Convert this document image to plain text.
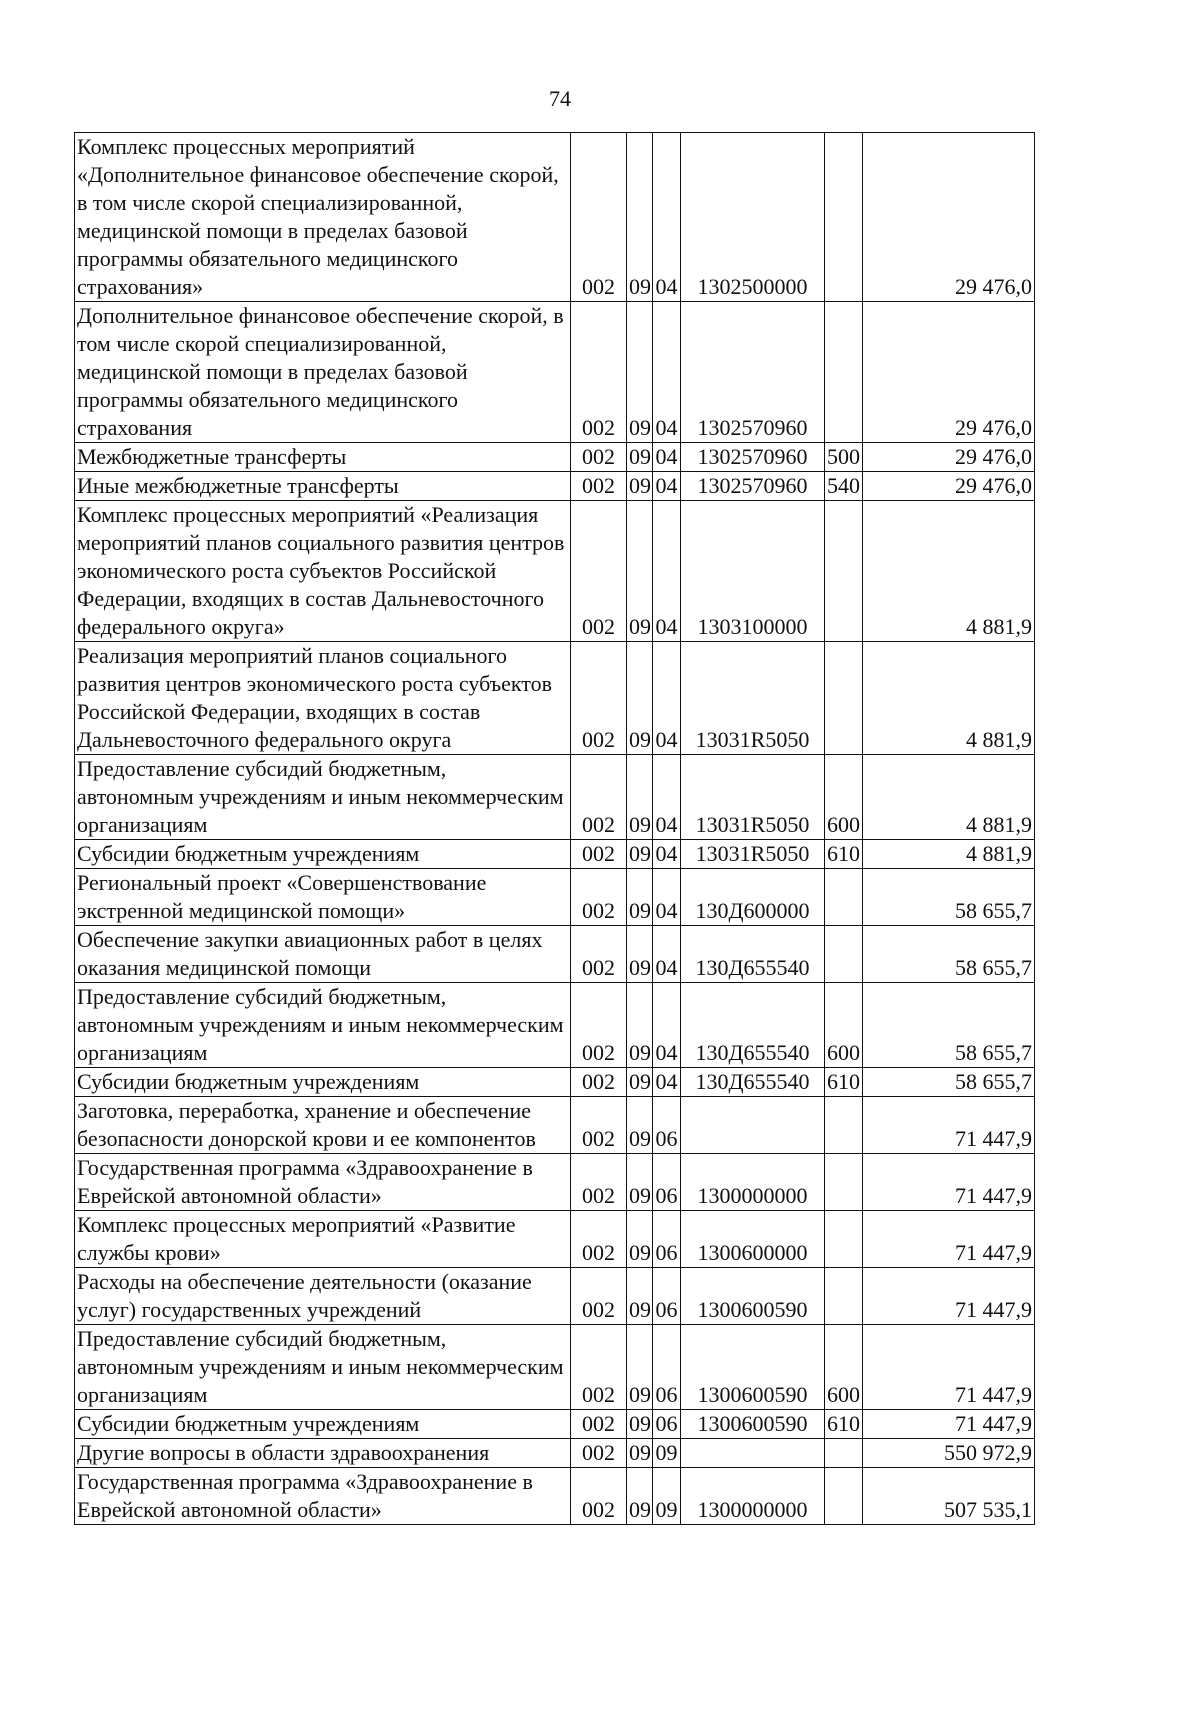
74
Комплекс процессных мероприятий «Дополнительное финансовое обеспечение скорой, в том числе скорой специализированной, медицинской помощи в пределах базовой программы обязательного медицинского страхования»	002	09	04	1302500000		29 476,0
Дополнительное финансовое обеспечение скорой, в том числе скорой специализированной, медицинской помощи в пределах базовой программы обязательного медицинского страхования	002	09	04	1302570960		29 476,0
Межбюджетные трансферты	002	09	04	1302570960	500	29 476,0
Иные межбюджетные трансферты	002	09	04	1302570960	540	29 476,0
Комплекс процессных мероприятий «Реализация мероприятий планов социального развития центров экономического роста субъектов Российской Федерации, входящих в состав Дальневосточного федерального округа»	002	09	04	1303100000		4 881,9
Реализация мероприятий планов социального развития центров экономического роста субъектов Российской Федерации, входящих в состав Дальневосточного федерального округа	002	09	04	13031R5050		4 881,9
Предоставление субсидий бюджетным, автономным учреждениям и иным некоммерческим организациям	002	09	04	13031R5050	600	4 881,9
Субсидии бюджетным учреждениям	002	09	04	13031R5050	610	4 881,9
Региональный проект «Совершенствование экстренной медицинской помощи»	002	09	04	130Д600000		58 655,7
Обеспечение закупки авиационных работ в целях оказания медицинской помощи	002	09	04	130Д655540		58 655,7
Предоставление субсидий бюджетным, автономным учреждениям и иным некоммерческим организациям	002	09	04	130Д655540	600	58 655,7
Субсидии бюджетным учреждениям	002	09	04	130Д655540	610	58 655,7
Заготовка, переработка, хранение и обеспечение безопасности донорской крови и ее компонентов	002	09	06			71 447,9
Государственная программа «Здравоохранение в Еврейской автономной области»	002	09	06	1300000000		71 447,9
Комплекс процессных мероприятий «Развитие службы крови»	002	09	06	1300600000		71 447,9
Расходы на обеспечение деятельности (оказание услуг) государственных учреждений	002	09	06	1300600590		71 447,9
Предоставление субсидий бюджетным, автономным учреждениям и иным некоммерческим организациям	002	09	06	1300600590	600	71 447,9
Субсидии бюджетным учреждениям	002	09	06	1300600590	610	71 447,9
Другие вопросы в области здравоохранения	002	09	09			550 972,9
Государственная программа «Здравоохранение в Еврейской автономной области»	002	09	09	1300000000		507 535,1
